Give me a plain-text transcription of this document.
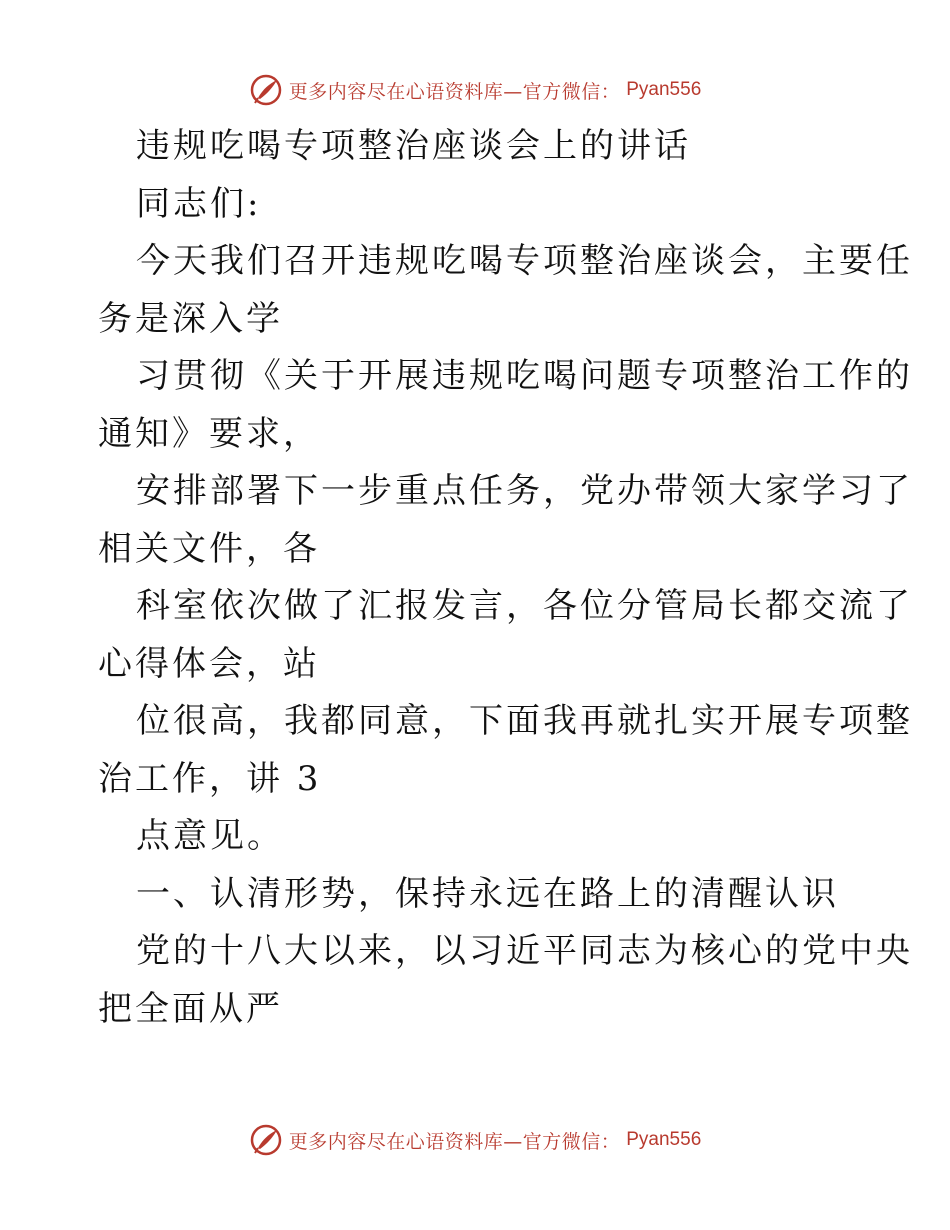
更多内容尽在心语资料库—官方微信： Pyan556
违规吃喝专项整治座谈会上的讲话
同志们:
今天我们召开违规吃喝专项整治座谈会，主要任
务是深入学
习贯彻《关于开展违规吃喝问题专项整治工作的
通知》要求，
安排部署下一步重点任务，党办带领大家学习了
相关文件，各
科室依次做了汇报发言，各位分管局长都交流了
心得体会，站
位很高，我都同意，下面我再就扎实开展专项整
治工作，讲 3
点意见。
一、认清形势，保持永远在路上的清醒认识
党的十八大以来，以习近平同志为核心的党中央
把全面从严
更多内容尽在心语资料库—官方微信： Pyan556
